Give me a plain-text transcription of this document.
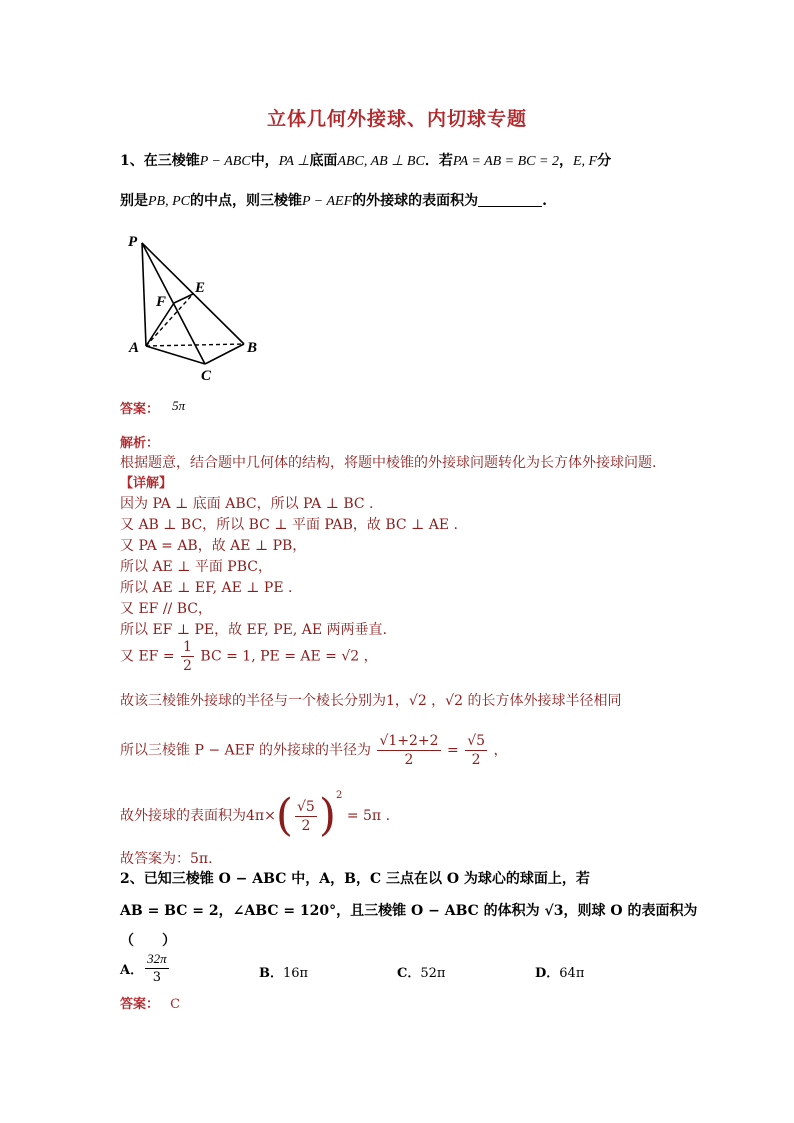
立体几何外接球、内切球专题
1、在三棱锥P − ABC中，PA ⊥底面ABC, AB ⊥ BC．若PA = AB = BC = 2，E, F分
别是PB, PC的中点，则三棱锥P − AEF的外接球的表面积为	.
P
E
F
A	B
C
答案： 5π
解析：
根据题意，结合题中几何体的结构，将题中棱锥的外接球问题转化为长方体外接球问题.
【详解】
因为 PA ⊥ 底面 ABC，所以 PA ⊥ BC .
又 AB ⊥ BC，所以 BC ⊥ 平面 PAB，故 BC ⊥ AE .
又 PA = AB，故 AE ⊥ PB，
所以 AE ⊥ 平面 PBC，
所以 AE ⊥ EF, AE ⊥ PE .
又 EF // BC，
所以 EF ⊥ PE，故 EF, PE, AE 两两垂直.
又 EF = $\frac{1}{2}$ BC = 1, PE = AE = √2 ，
故该三棱锥外接球的半径与一个棱长分别为1，√2 ，√2 的长方体外接球半径相同
所以三棱锥 P − AEF 的外接球的半径为 $\frac{√1+2+2}{2} = \frac{√5}{2}$ ，
故外接球的表面积为$4\pi\times( \frac{√5}{2} )^2 = 5\pi$ .
故答案为：5π.
2、已知三棱锥 O − ABC 中，A，B，C 三点在以 O 为球心的球面上，若
AB = BC = 2，∠ABC = 120°，且三棱锥 O − ABC 的体积为 √3，则球 O 的表面积为
（　　）
A． $\frac{32\pi}{3}$	B．16π	C．52π	D．64π
答案： C
